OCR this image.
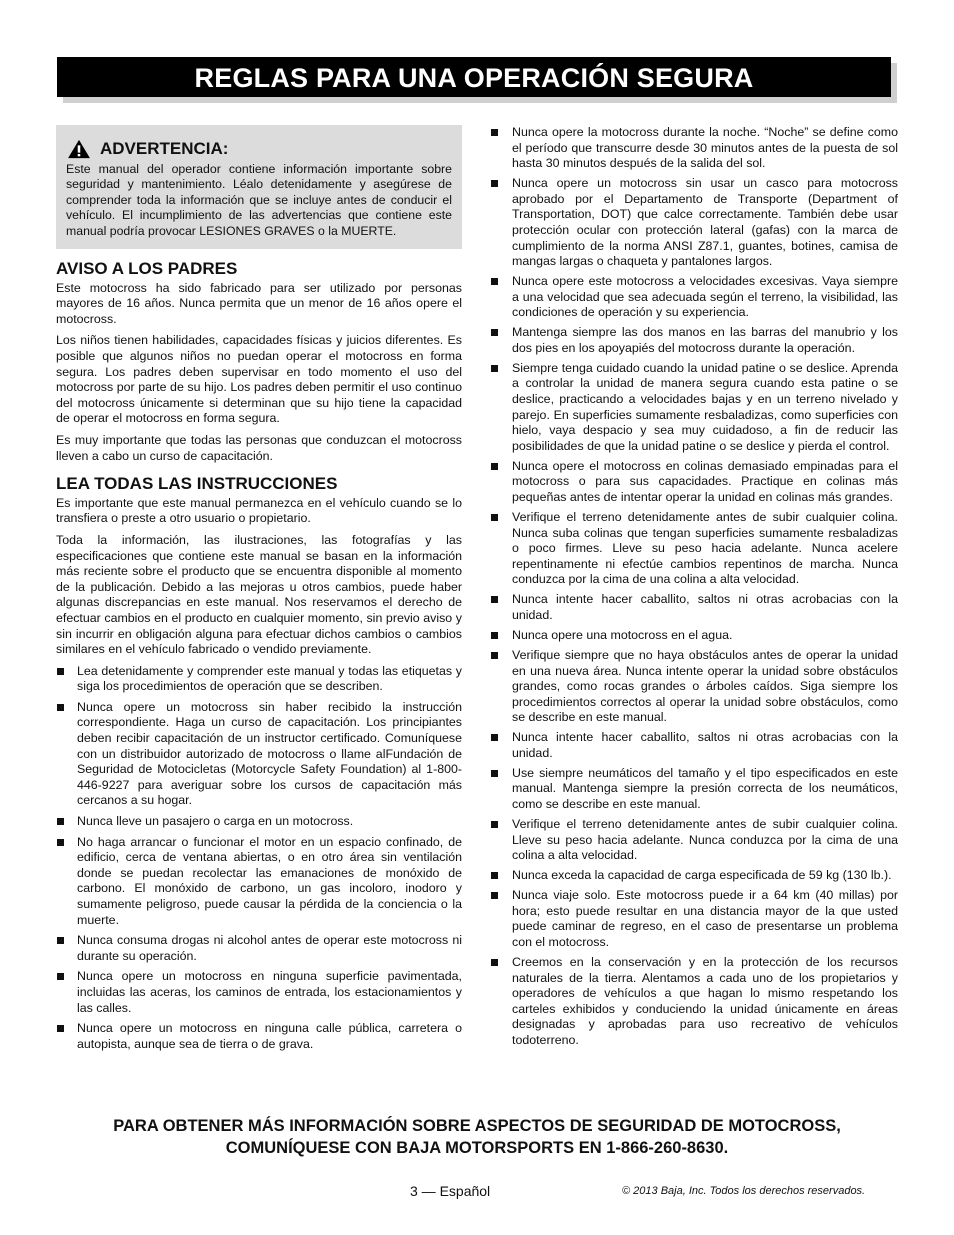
REGLAS PARA UNA OPERACIÓN SEGURA
ADVERTENCIA:
Este manual del operador contiene información importante sobre seguridad y mantenimiento. Léalo detenidamente y asegúrese de comprender toda la información que se incluye antes de conducir el vehículo. El incumplimiento de las advertencias que contiene este manual podría provocar LESIONES GRAVES o la MUERTE.
AVISO A LOS PADRES

Este motocross ha sido fabricado para ser utilizado por personas mayores de 16 años. Nunca permita que un menor de 16 años opere el motocross.

Los niños tienen habilidades, capacidades físicas y juicios diferentes. Es posible que algunos niños no puedan operar el motocross en forma segura. Los padres deben supervisar en todo momento el uso del motocross por parte de su hijo. Los padres deben permitir el uso continuo del motocross únicamente si determinan que su hijo tiene la capacidad de operar el motocross en forma segura.

Es muy importante que todas las personas que conduzcan el motocross lleven a cabo un curso de capacitación.

LEA TODAS LAS INSTRUCCIONES

Es importante que este manual permanezca en el vehículo cuando se lo transfiera o preste a otro usuario o propietario.

Toda la información, las ilustraciones, las fotografías y las especificaciones que contiene este manual se basan en la información más reciente sobre el producto que se encuentra disponible al momento de la publicación. Debido a las mejoras u otros cambios, puede haber algunas discrepancias en este manual. Nos reservamos el derecho de efectuar cambios en el producto en cualquier momento, sin previo aviso y sin incurrir en obligación alguna para efectuar dichos cambios o cambios similares en el vehículo fabricado o vendido previamente.

Lea detenidamente y comprender este manual y todas las etiquetas y siga los procedimientos de operación que se describen.
Nunca opere un motocross sin haber recibido la instrucción correspondiente. Haga un curso de capacitación. Los principiantes deben recibir capacitación de un instructor certificado. Comuníquese con un distribuidor autorizado de motocross o llame alFundación de Seguridad de Motocicletas (Motorcycle Safety Foundation) al 1-800-446-9227 para averiguar sobre los cursos de capacitación más cercanos a su hogar.
Nunca lleve un pasajero o carga en un motocross.
No haga arrancar o funcionar el motor en un espacio confinado, de edificio, cerca de ventana abiertas, o en otro área sin ventilación donde se puedan recolectar las emanaciones de monóxido de carbono. El monóxido de carbono, un gas incoloro, inodoro y sumamente peligroso, puede causar la pérdida de la conciencia o la muerte.
Nunca consuma drogas ni alcohol antes de operar este motocross ni durante su operación.
Nunca opere un motocross en ninguna superficie pavimentada, incluidas las aceras, los caminos de entrada, los estacionamientos y las calles.
Nunca opere un motocross en ninguna calle pública, carretera o autopista, aunque sea de tierra o de grava.
Nunca opere la motocross durante la noche. “Noche” se define como el período que transcurre desde 30 minutos antes de la puesta de sol hasta 30 minutos después de la salida del sol.
Nunca opere un motocross sin usar un casco para motocross aprobado por el Departamento de Transporte (Department of Transportation, DOT) que calce correctamente. También debe usar protección ocular con protección lateral (gafas) con la marca de cumplimiento de la norma ANSI Z87.1, guantes, botines, camisa de mangas largas o chaqueta y pantalones largos.
Nunca opere este motocross a velocidades excesivas. Vaya siempre a una velocidad que sea adecuada según el terreno, la visibilidad, las condiciones de operación y su experiencia.
Mantenga siempre las dos manos en las barras del manubrio y los dos pies en los apoyapiés del motocross durante la operación.
Siempre tenga cuidado cuando la unidad patine o se deslice. Aprenda a controlar la unidad de manera segura cuando esta patine o se deslice, practicando a velocidades bajas y en un terreno nivelado y parejo. En superficies sumamente resbaladizas, como superficies con hielo, vaya despacio y sea muy cuidadoso, a fin de reducir las posibilidades de que la unidad patine o se deslice y pierda el control.
Nunca opere el motocross en colinas demasiado empinadas para el motocross o para sus capacidades. Practique en colinas más pequeñas antes de intentar operar la unidad en colinas más grandes.
Verifique el terreno detenidamente antes de subir cualquier colina. Nunca suba colinas que tengan superficies sumamente resbaladizas o poco firmes. Lleve su peso hacia adelante. Nunca acelere repentinamente ni efectúe cambios repentinos de marcha. Nunca conduzca por la cima de una colina a alta velocidad.
Nunca intente hacer caballito, saltos ni otras acrobacias con la unidad.
Nunca opere una motocross en el agua.
Verifique siempre que no haya obstáculos antes de operar la unidad en una nueva área. Nunca intente operar la unidad sobre obstáculos grandes, como rocas grandes o árboles caídos. Siga siempre los procedimientos correctos al operar la unidad sobre obstáculos, como se describe en este manual.
Nunca intente hacer caballito, saltos ni otras acrobacias con la unidad.
Use siempre neumáticos del tamaño y el tipo especificados en este manual. Mantenga siempre la presión correcta de los neumáticos, como se describe en este manual.
Verifique el terreno detenidamente antes de subir cualquier colina. Lleve su peso hacia adelante. Nunca conduzca por la cima de una colina a alta velocidad.
Nunca exceda la capacidad de carga especificada de 59 kg (130 lb.).
Nunca viaje solo. Este motocross puede ir a 64 km (40 millas) por hora; esto puede resultar en una distancia mayor de la que usted puede caminar de regreso, en el caso de presentarse un problema con el motocross.
Creemos en la conservación y en la protección de los recursos naturales de la tierra. Alentamos a cada uno de los propietarios y operadores de vehículos a que hagan lo mismo respetando los carteles exhibidos y conduciendo la unidad únicamente en áreas designadas y aprobadas para uso recreativo de vehículos todoterreno.
PARA OBTENER MÁS INFORMACIÓN SOBRE ASPECTOS DE SEGURIDAD DE MOTOCROSS,
COMUNÍQUESE CON BAJA MOTORSPORTS EN 1-866-260-8630.
3 — Español	© 2013 Baja, Inc. Todos los derechos reservados.
